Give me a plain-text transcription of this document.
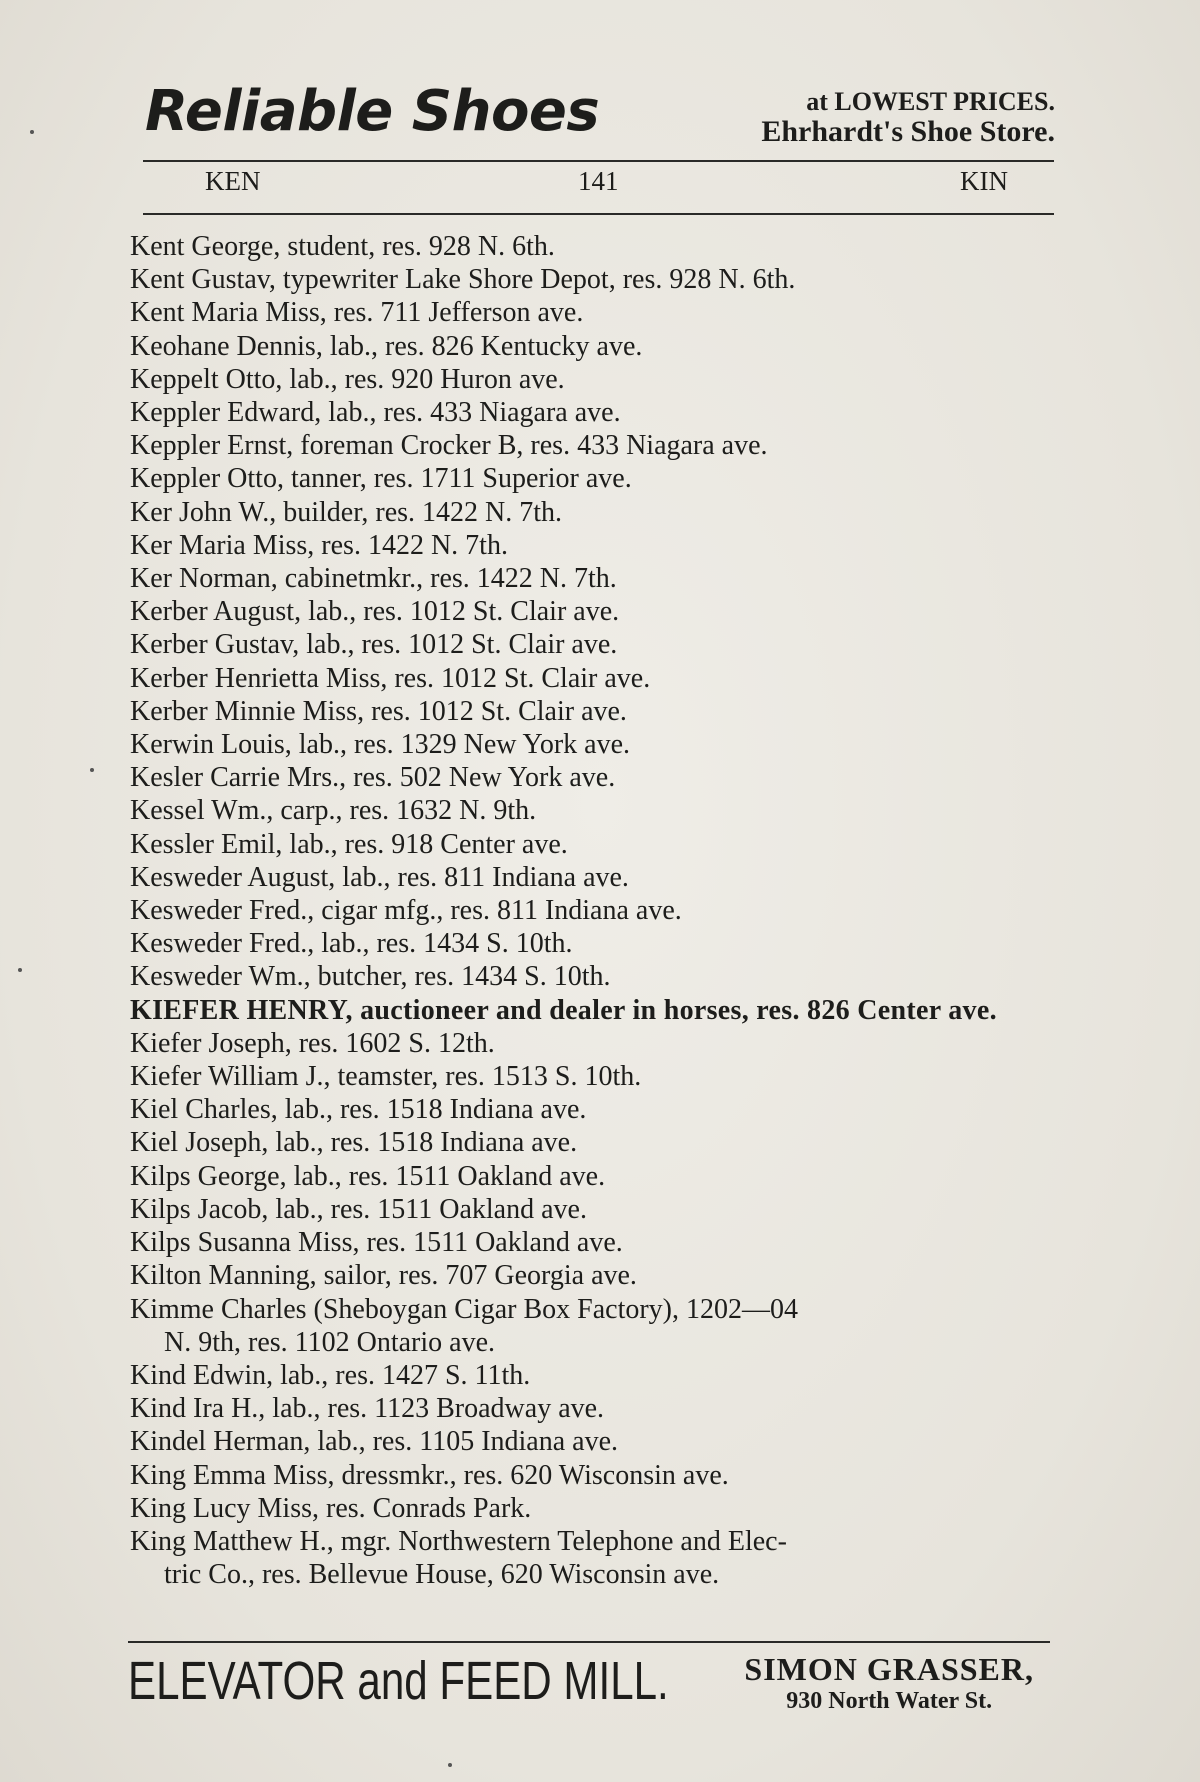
Reliable Shoes	at LOWEST PRICES.
Ehrhardt's Shoe Store.
KEN	141	KIN
Kent George, student, res. 928 N. 6th.
Kent Gustav, typewriter Lake Shore Depot, res. 928 N. 6th.
Kent Maria Miss, res. 711 Jefferson ave.
Keohane Dennis, lab., res. 826 Kentucky ave.
Keppelt Otto, lab., res. 920 Huron ave.
Keppler Edward, lab., res. 433 Niagara ave.
Keppler Ernst, foreman Crocker B, res. 433 Niagara ave.
Keppler Otto, tanner, res. 1711 Superior ave.
Ker John W., builder, res. 1422 N. 7th.
Ker Maria Miss, res. 1422 N. 7th.
Ker Norman, cabinetmkr., res. 1422 N. 7th.
Kerber August, lab., res. 1012 St. Clair ave.
Kerber Gustav, lab., res. 1012 St. Clair ave.
Kerber Henrietta Miss, res. 1012 St. Clair ave.
Kerber Minnie Miss, res. 1012 St. Clair ave.
Kerwin Louis, lab., res. 1329 New York ave.
Kesler Carrie Mrs., res. 502 New York ave.
Kessel Wm., carp., res. 1632 N. 9th.
Kessler Emil, lab., res. 918 Center ave.
Kesweder August, lab., res. 811 Indiana ave.
Kesweder Fred., cigar mfg., res. 811 Indiana ave.
Kesweder Fred., lab., res. 1434 S. 10th.
Kesweder Wm., butcher, res. 1434 S. 10th.
KIEFER HENRY, auctioneer and dealer in horses, res. 826 Center ave.
Kiefer Joseph, res. 1602 S. 12th.
Kiefer William J., teamster, res. 1513 S. 10th.
Kiel Charles, lab., res. 1518 Indiana ave.
Kiel Joseph, lab., res. 1518 Indiana ave.
Kilps George, lab., res. 1511 Oakland ave.
Kilps Jacob, lab., res. 1511 Oakland ave.
Kilps Susanna Miss, res. 1511 Oakland ave.
Kilton Manning, sailor, res. 707 Georgia ave.
Kimme Charles (Sheboygan Cigar Box Factory), 1202—04
N. 9th, res. 1102 Ontario ave.
Kind Edwin, lab., res. 1427 S. 11th.
Kind Ira H., lab., res. 1123 Broadway ave.
Kindel Herman, lab., res. 1105 Indiana ave.
King Emma Miss, dressmkr., res. 620 Wisconsin ave.
King Lucy Miss, res. Conrads Park.
King Matthew H., mgr. Northwestern Telephone and Elec-
tric Co., res. Bellevue House, 620 Wisconsin ave.
ELEVATOR and FEED MILL. SIMON GRASSER,
930 North Water St.
